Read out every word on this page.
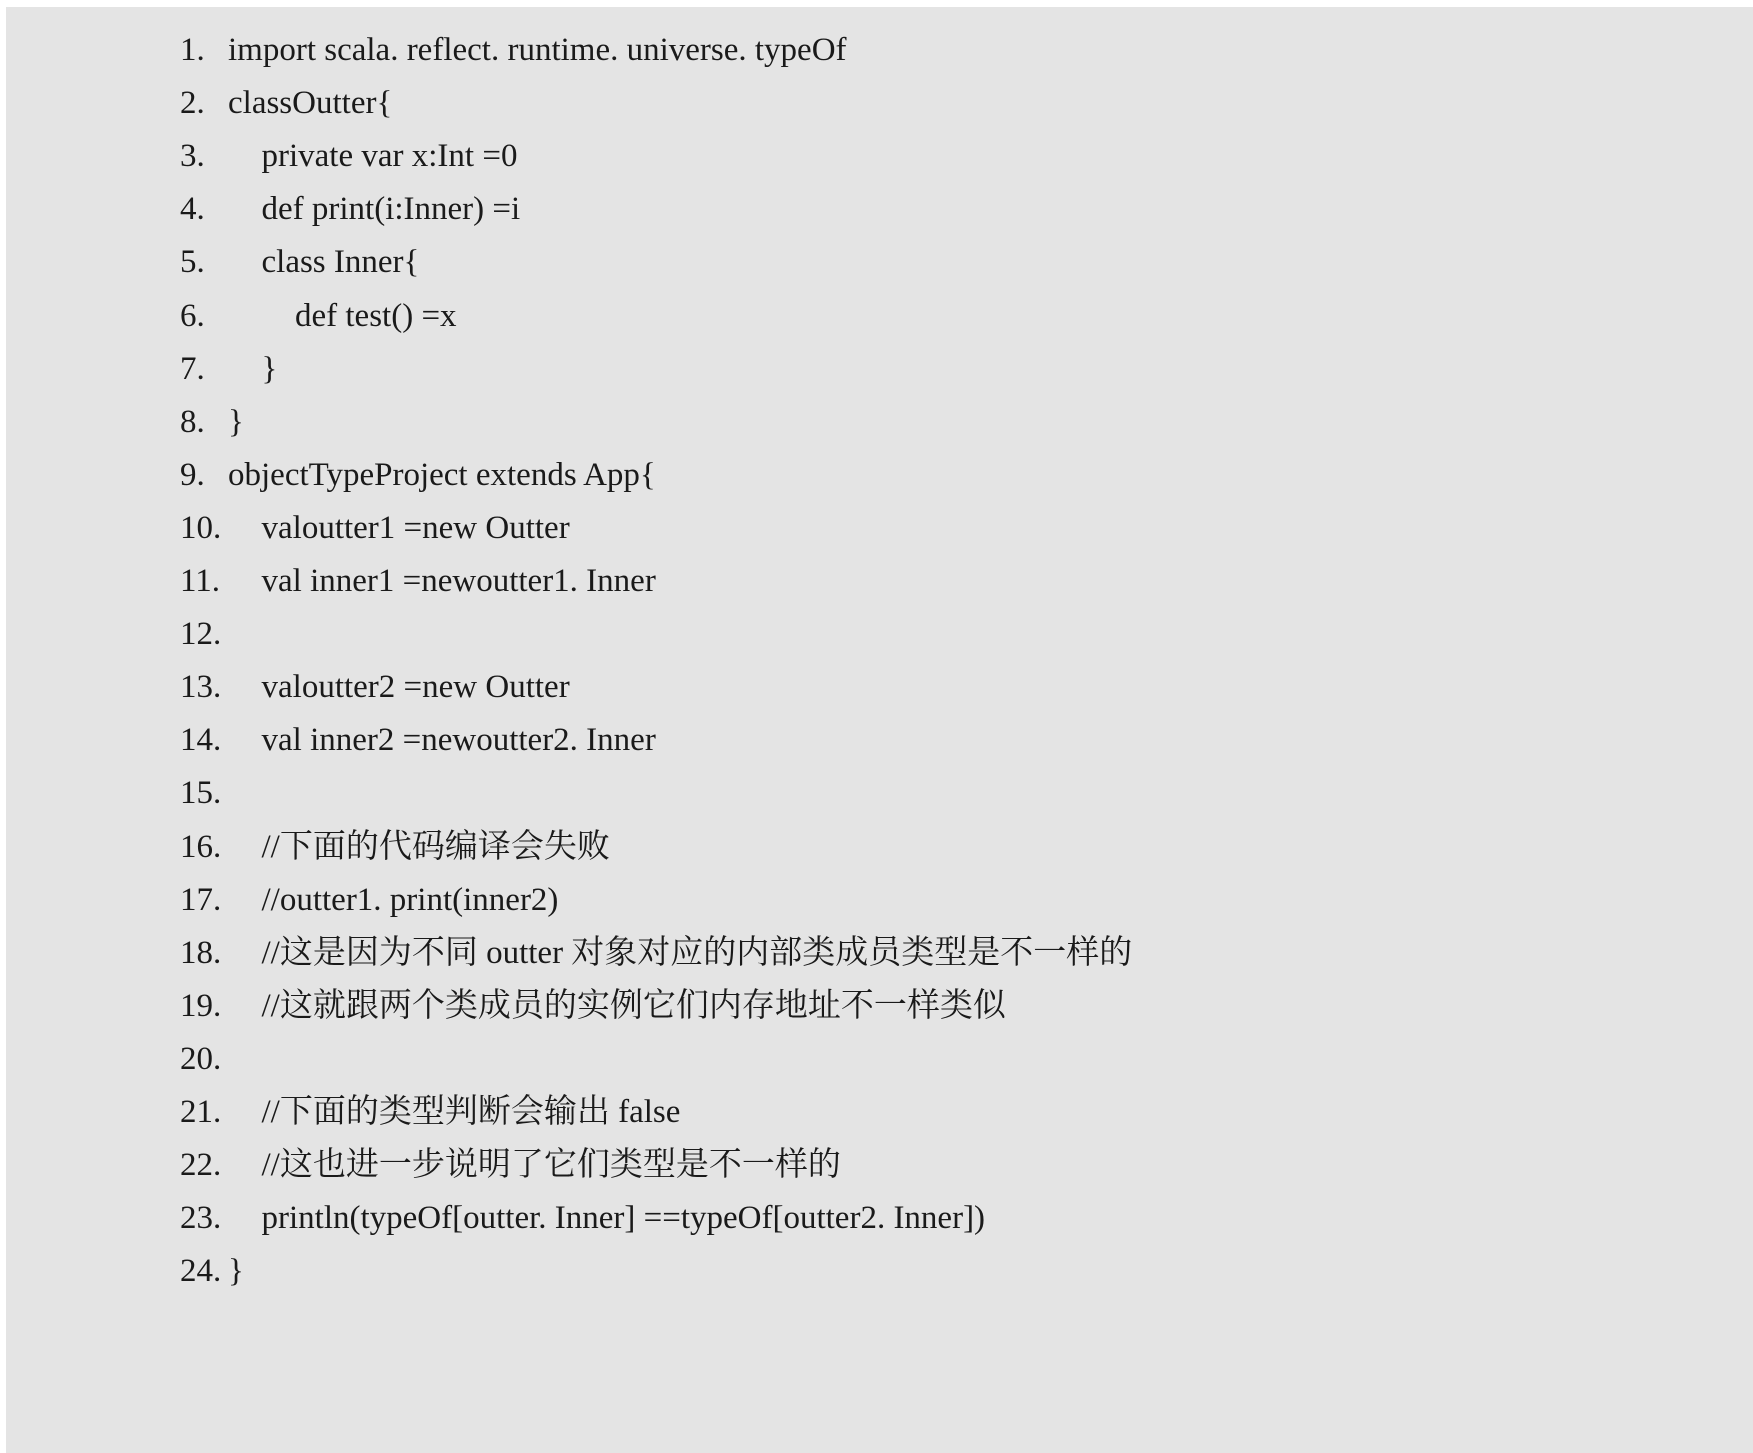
1. import scala. reflect. runtime. universe. typeOf
2. classOutter{
3. private var x:Int =0
4. def print(i:Inner) =i
5. class Inner{
6.	def test() =x
7. }
8. }
9. objectTypeProject extends App{
10. valoutter1 =new Outter
11. val inner1 =newoutter1. Inner
12.
13. valoutter2 =new Outter
14. val inner2 =newoutter2. Inner
15.
16. //下面的代码编译会失败
17. //outter1. print(inner2)
18. //这是因为不同 outter 对象对应的内部类成员类型是不一样的
19. //这就跟两个类成员的实例它们内存地址不一样类似
20.
21. //下面的类型判断会输出 false
22. //这也进一步说明了它们类型是不一样的
23. println(typeOf[outter. Inner] ==typeOf[outter2. Inner])
24. }
